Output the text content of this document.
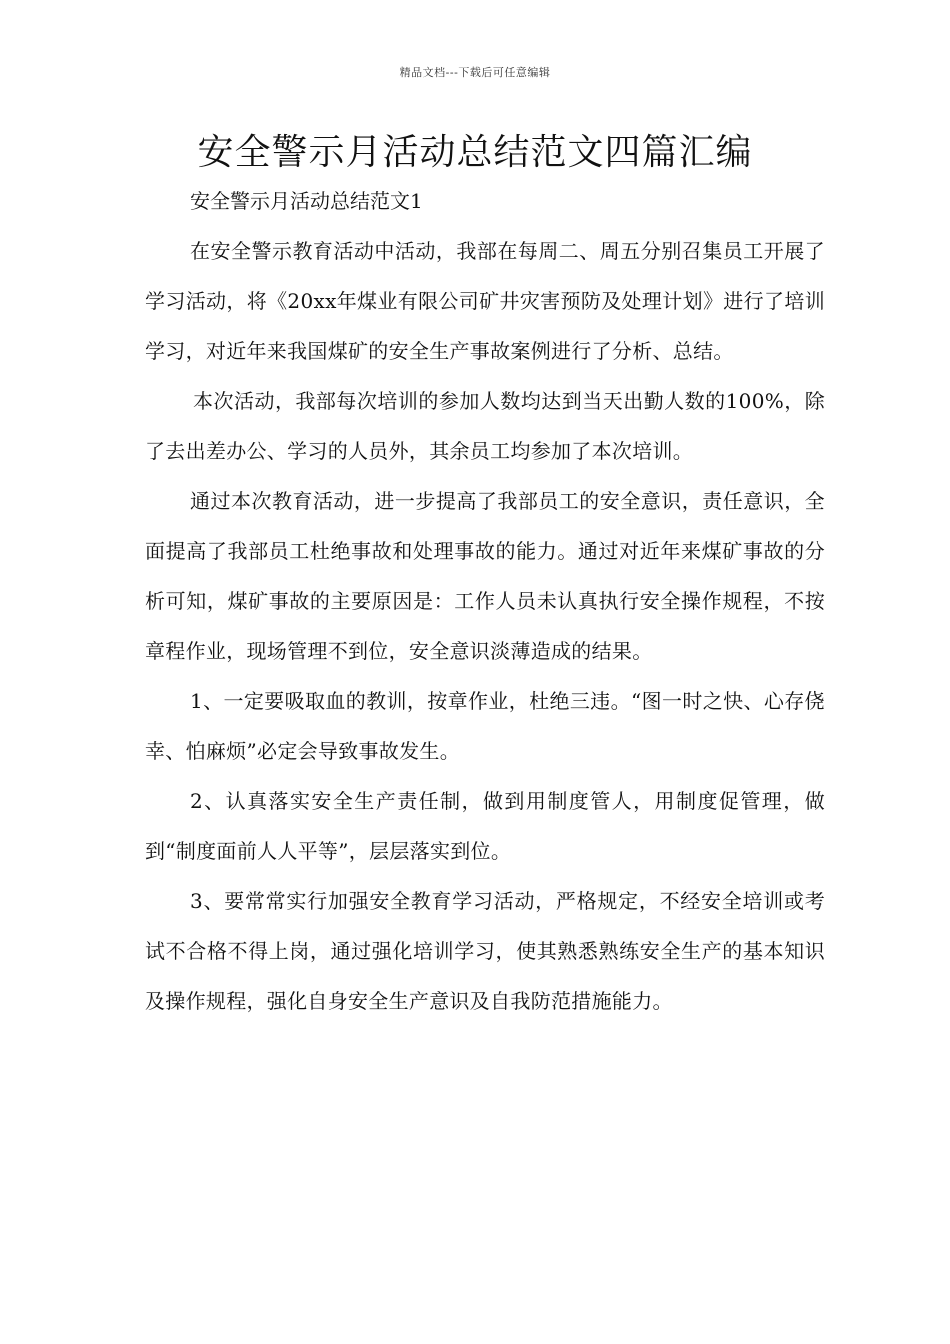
精品文档---下载后可任意编辑
安全警示月活动总结范文四篇汇编
安全警示月活动总结范文1

在安全警示教育活动中活动，我部在每周二、周五分别召集员工开展了学习活动，将《20xx年煤业有限公司矿井灾害预防及处理计划》进行了培训学习，对近年来我国煤矿的安全生产事故案例进行了分析、总结。

本次活动，我部每次培训的参加人数均达到当天出勤人数的100%，除了去出差办公、学习的人员外，其余员工均参加了本次培训。

通过本次教育活动，进一步提高了我部员工的安全意识，责任意识，全面提高了我部员工杜绝事故和处理事故的能力。通过对近年来煤矿事故的分析可知，煤矿事故的主要原因是：工作人员未认真执行安全操作规程，不按章程作业，现场管理不到位，安全意识淡薄造成的结果。

1、一定要吸取血的教训，按章作业，杜绝三违。“图一时之快、心存侥幸、怕麻烦”必定会导致事故发生。

2、认真落实安全生产责任制，做到用制度管人，用制度促管理，做到“制度面前人人平等”，层层落实到位。

3、要常常实行加强安全教育学习活动，严格规定，不经安全培训或考试不合格不得上岗，通过强化培训学习，使其熟悉熟练安全生产的基本知识及操作规程，强化自身安全生产意识及自我防范措施能力。
